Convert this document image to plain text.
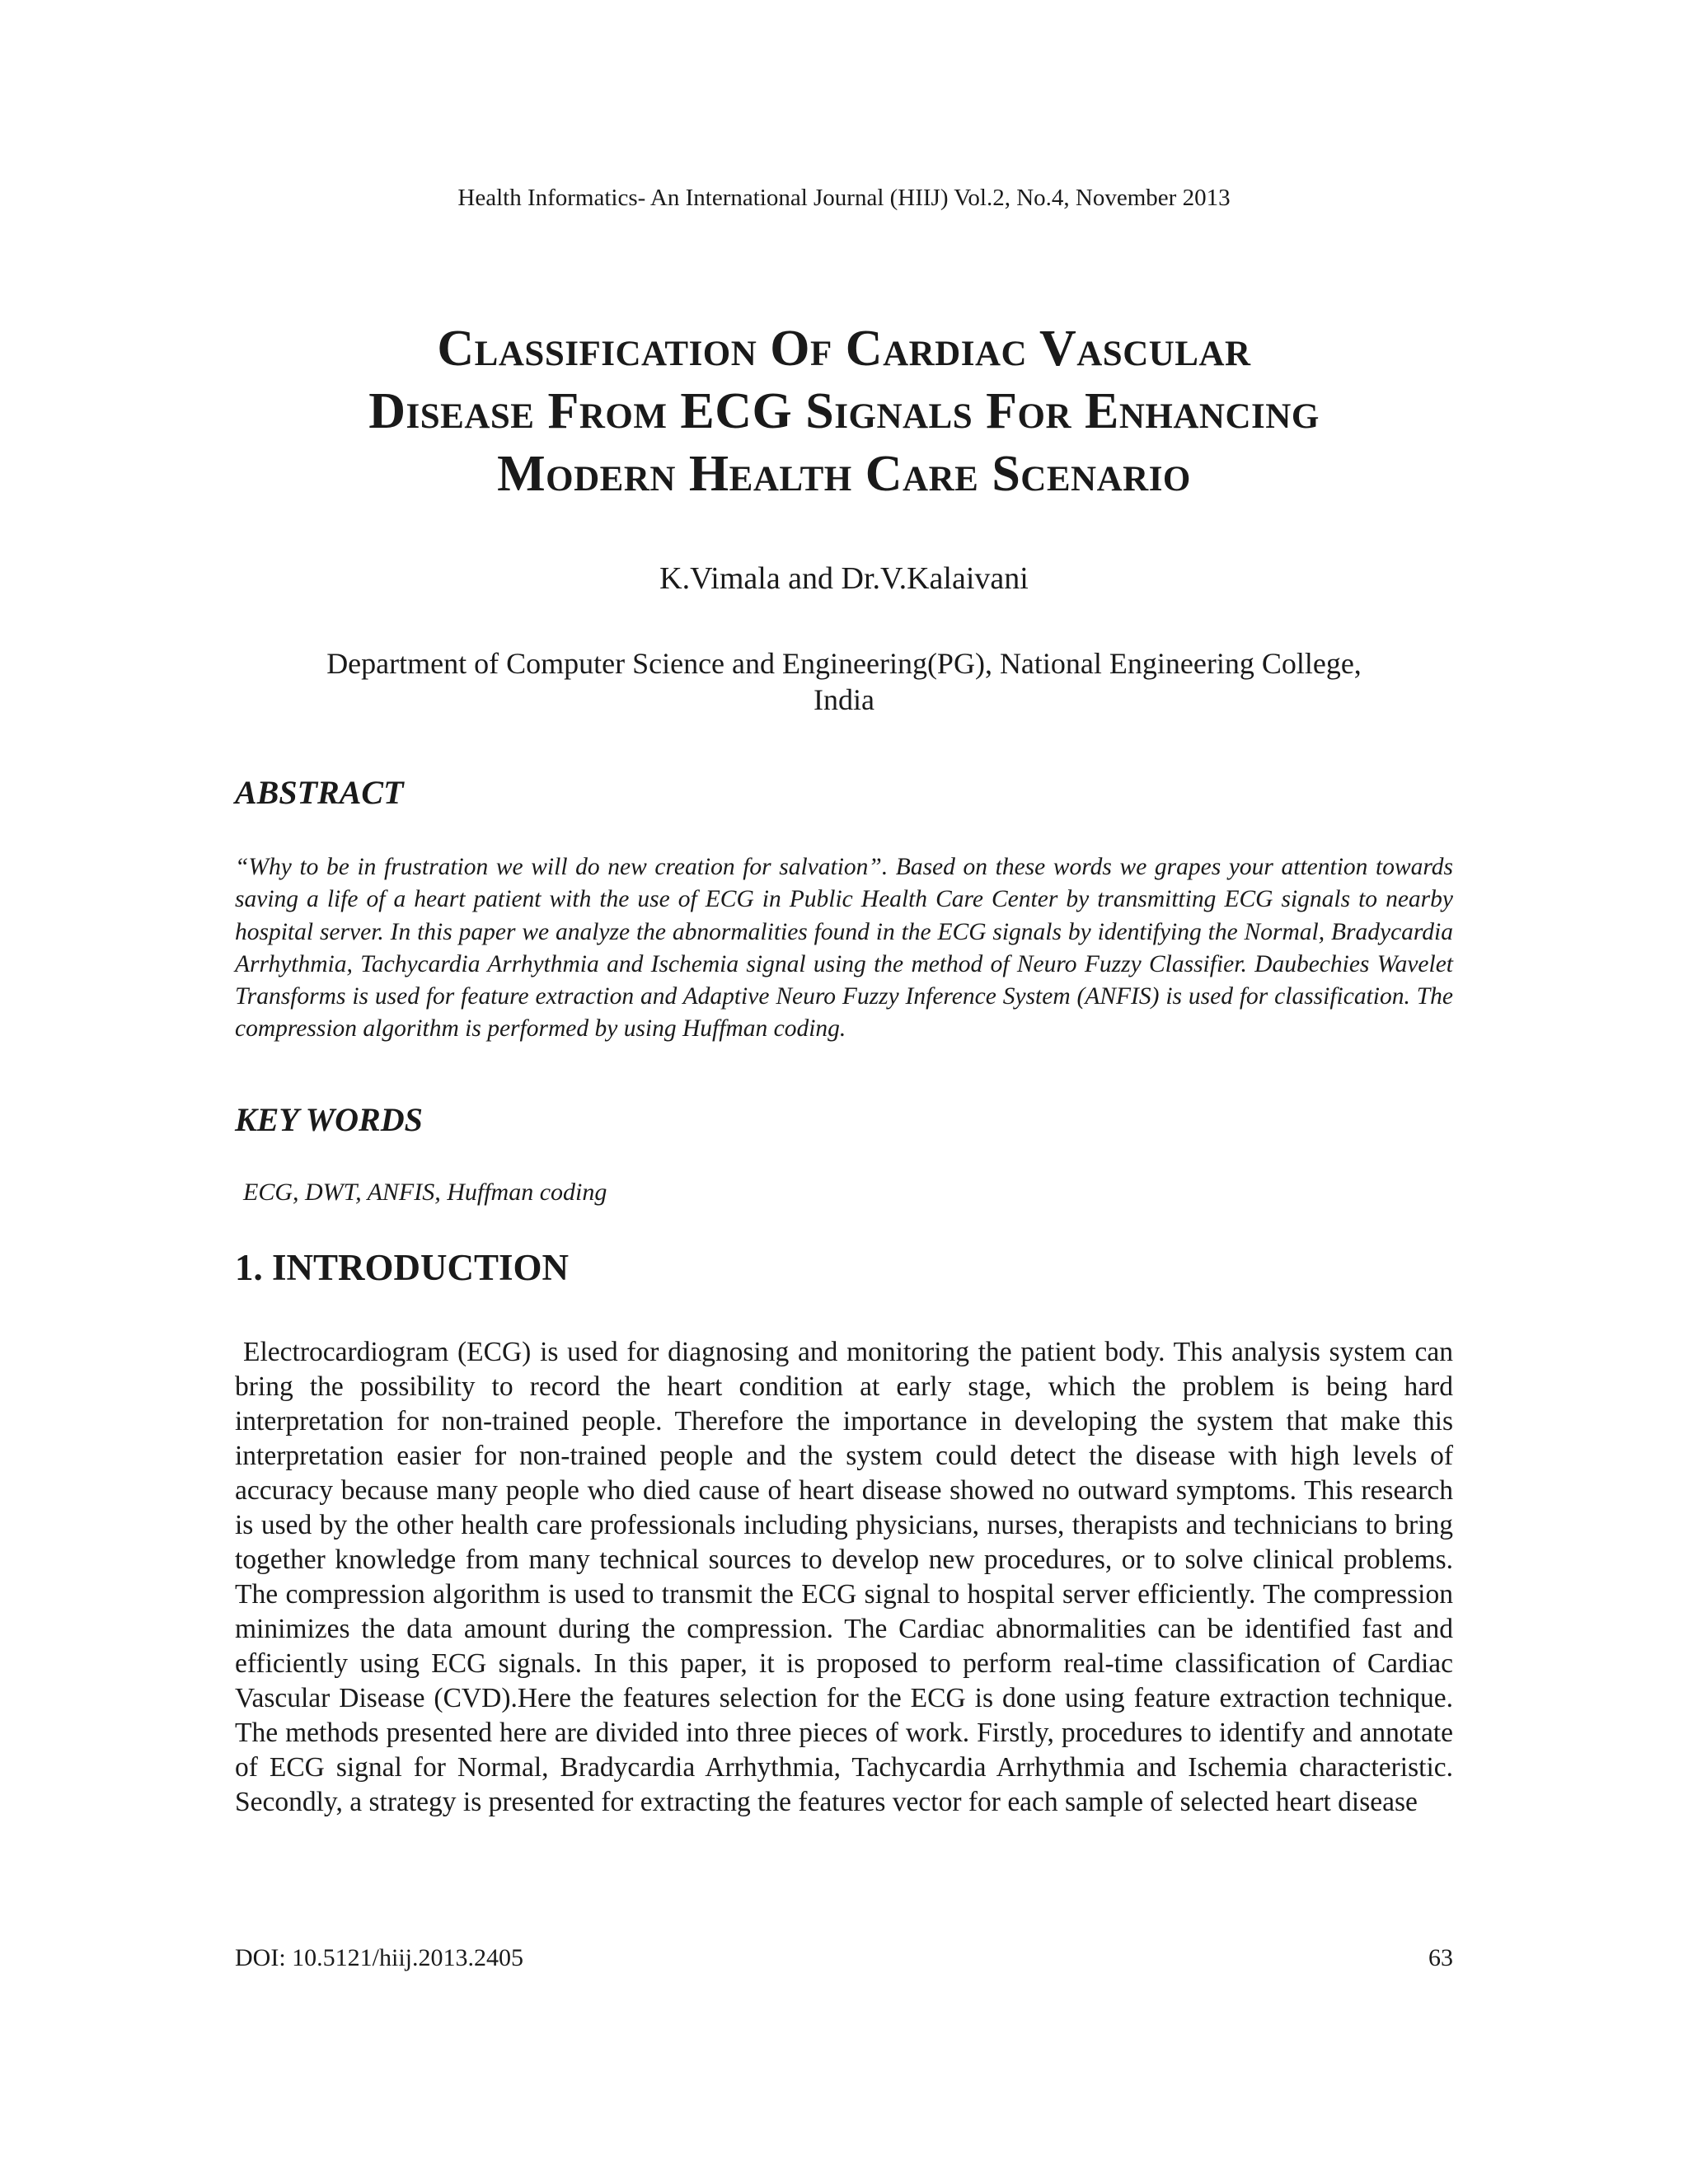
Health Informatics- An International Journal (HIIJ) Vol.2, No.4, November 2013
Classification Of Cardiac Vascular
Disease From ECG Signals For Enhancing
Modern Health Care Scenario
K.Vimala and Dr.V.Kalaivani
Department of Computer Science and Engineering(PG), National Engineering College,
India
ABSTRACT
“Why to be in frustration we will do new creation for salvation”. Based on these words we grapes your attention towards saving a life of a heart patient with the use of ECG in Public Health Care Center by transmitting ECG signals to nearby hospital server. In this paper we analyze the abnormalities found in the ECG signals by identifying the Normal, Bradycardia Arrhythmia, Tachycardia Arrhythmia and Ischemia signal using the method of Neuro Fuzzy Classifier. Daubechies Wavelet Transforms is used for feature extraction and Adaptive Neuro Fuzzy Inference System (ANFIS) is used for classification. The compression algorithm is performed by using Huffman coding.
KEY WORDS
ECG, DWT, ANFIS, Huffman coding
1. INTRODUCTION
Electrocardiogram (ECG) is used for diagnosing and monitoring the patient body. This analysis system can bring the possibility to record the heart condition at early stage, which the problem is being hard interpretation for non-trained people. Therefore the importance in developing the system that make this interpretation easier for non-trained people and the system could detect the disease with high levels of accuracy because many people who died cause of heart disease showed no outward symptoms. This research is used by the other health care professionals including physicians, nurses, therapists and technicians to bring together knowledge from many technical sources to develop new procedures, or to solve clinical problems. The compression algorithm is used to transmit the ECG signal to hospital server efficiently. The compression minimizes the data amount during the compression. The Cardiac abnormalities can be identified fast and efficiently using ECG signals. In this paper, it is proposed to perform real-time classification of Cardiac Vascular Disease (CVD).Here the features selection for the ECG is done using feature extraction technique. The methods presented here are divided into three pieces of work. Firstly, procedures to identify and annotate of ECG signal for Normal, Bradycardia Arrhythmia, Tachycardia Arrhythmia and Ischemia characteristic. Secondly, a strategy is presented for extracting the features vector for each sample of selected heart disease
DOI: 10.5121/hiij.2013.2405	63
